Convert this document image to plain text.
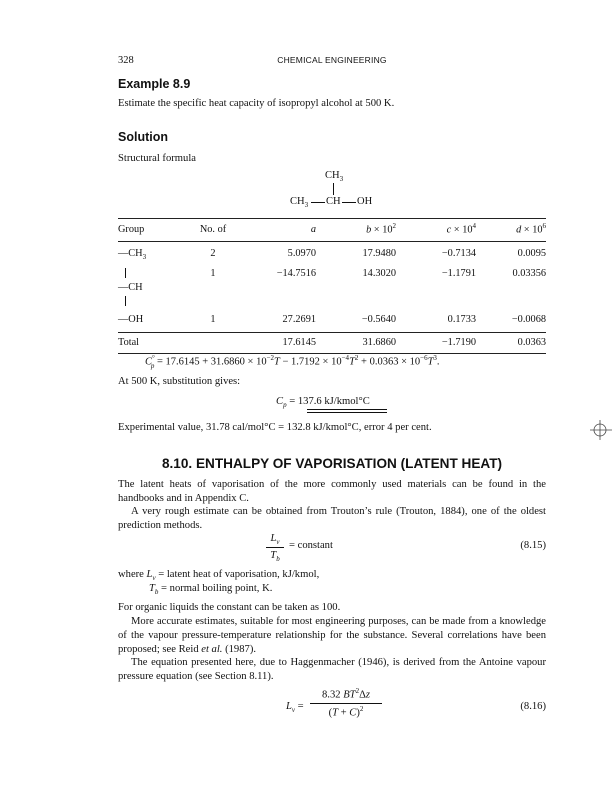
328	CHEMICAL ENGINEERING
Example 8.9
Estimate the specific heat capacity of isopropyl alcohol at 500 K.
Solution
Structural formula
$CH_3$
$CH_3$ CH OH
Group	No. of	a	$b \times 10^2$	$c \times 10^4$	$d \times 10^6$
$—CH_3$	2	5.0970	17.9480	−0.7134	0.0095

—CH	1	−14.7516	14.3020	−1.1791	0.03356
—OH	1	27.2691	−0.5640	0.1733	−0.0068
Total		17.6145	31.6860	−1.7190	0.0363
$C^\circ_p = 17.6145 + 31.6860 \times 10^{-2}T - 1.7192 \times 10^{-4}T^2 + 0.0363 \times 10^{-6}T^3$.
At 500 K, substitution gives:
$C_p = 137.6$ kJ/kmol°C
Experimental value, 31.78 cal/mol°C = 132.8 kJ/kmol°C, error 4 per cent.
8.10. ENTHALPY OF VAPORISATION (LATENT HEAT)
The latent heats of vaporisation of the more commonly used materials can be found in the handbooks and in Appendix C.
A very rough estimate can be obtained from Trouton’s rule (Trouton, 1884), one of the oldest prediction methods.
$L_v$
$T_b$
= constant	(8.15)
where $L_v$ = latent heat of vaporisation, kJ/kmol,
$T_b$ = normal boiling point, K.
For organic liquids the constant can be taken as 100.
More accurate estimates, suitable for most engineering purposes, can be made from a knowledge of the vapour pressure-temperature relationship for the substance. Several correlations have been proposed; see Reid et al. (1987).
The equation presented here, due to Haggenmacher (1946), is derived from the Antoine vapour pressure equation (see Section 8.11).
$L_v$ =
8.32 $BT^2\Delta z$
$(T + C)^2$	(8.16)
